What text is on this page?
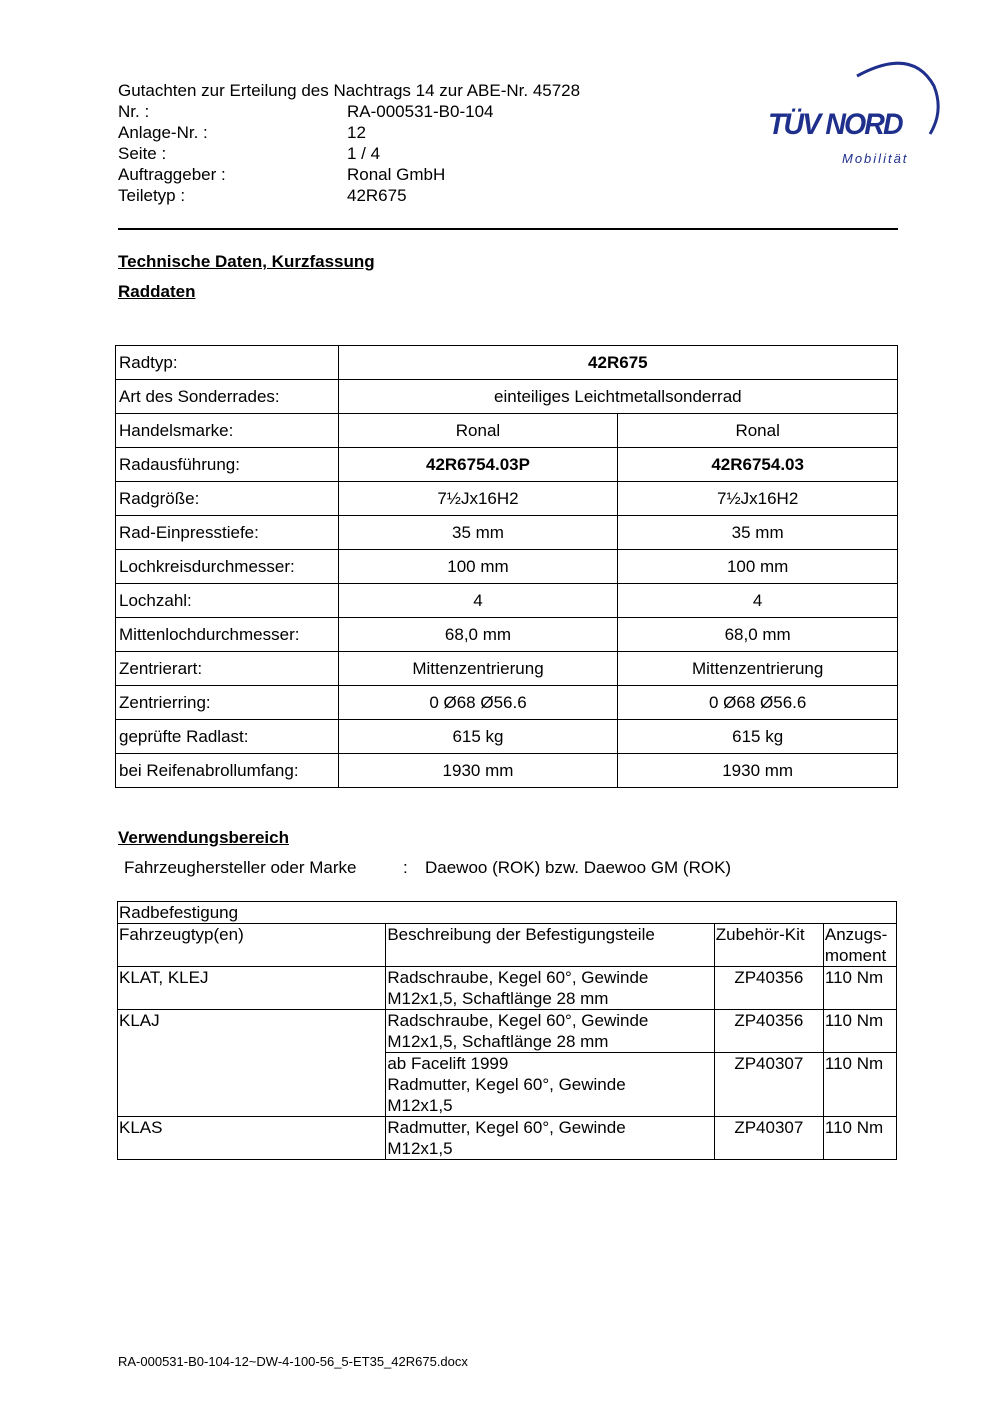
Gutachten zur Erteilung des Nachtrags 14 zur ABE-Nr. 45728
Nr. :	RA-000531-B0-104
Anlage-Nr. :	12
Seite :	1 / 4
Auftraggeber :	Ronal GmbH
Teiletyp :	42R675
TÜV NORD
Mobilität
Technische Daten, Kurzfassung
Raddaten
Radtyp:	42R675	
Art des Sonderrades:	einteiliges Leichtmetallsonderrad	
Handelsmarke:	Ronal	Ronal
Radausführung:	42R6754.03P	42R6754.03
Radgröße:	7½Jx16H2	7½Jx16H2
Rad-Einpresstiefe:	35 mm	35 mm
Lochkreisdurchmesser:	100 mm	100 mm
Lochzahl:	4	4
Mittenlochdurchmesser:	68,0 mm	68,0 mm
Zentrierart:	Mittenzentrierung	Mittenzentrierung
Zentrierring:	0 Ø68 Ø56.6	0 Ø68 Ø56.6
geprüfte Radlast:	615 kg	615 kg
bei Reifenabrollumfang:	1930 mm	1930 mm
Verwendungsbereich
Fahrzeughersteller oder Marke	:	Daewoo (ROK) bzw. Daewoo GM (ROK)
Radbefestigung			
Fahrzeugtyp(en)	Beschreibung der Befestigungsteile	Zubehör-Kit	Anzugs-
moment
KLAT, KLEJ	Radschraube, Kegel 60°, Gewinde
M12x1,5, Schaftlänge 28 mm	ZP40356	110 Nm
KLAJ	Radschraube, Kegel 60°, Gewinde
M12x1,5, Schaftlänge 28 mm	ZP40356	110 Nm
	ab Facelift 1999
Radmutter, Kegel 60°, Gewinde
M12x1,5	ZP40307	110 Nm
KLAS	Radmutter, Kegel 60°, Gewinde
M12x1,5	ZP40307	110 Nm
RA-000531-B0-104-12~DW-4-100-56_5-ET35_42R675.docx
